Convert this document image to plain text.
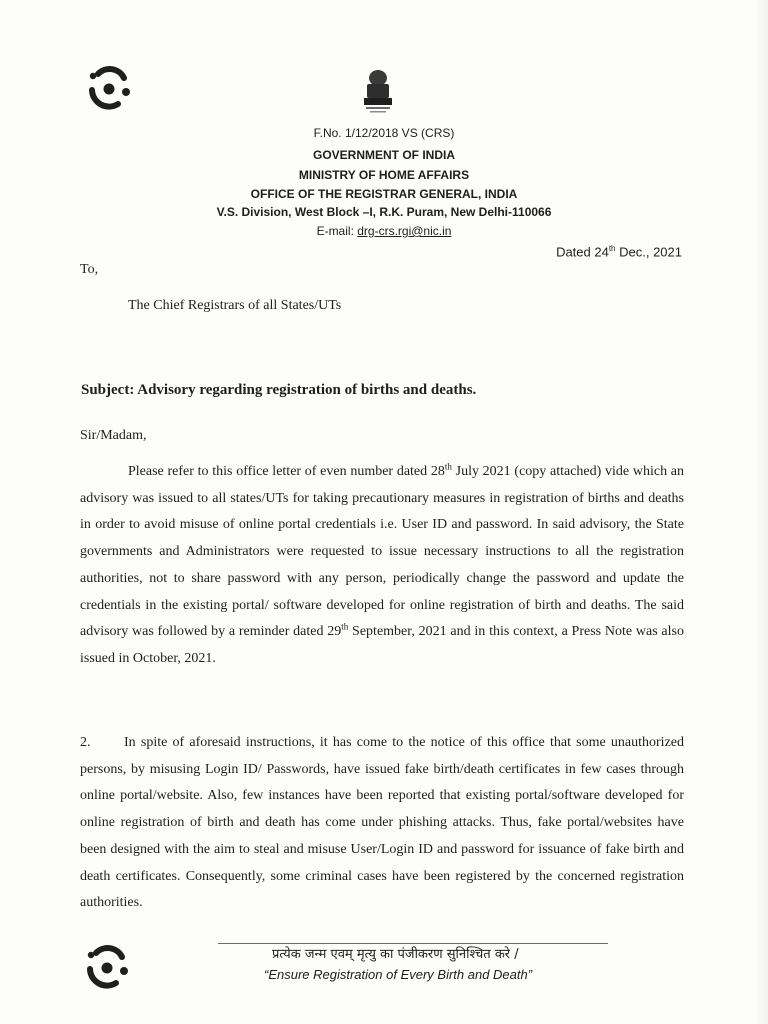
F.No. 1/12/2018 VS (CRS)
GOVERNMENT OF INDIA
MINISTRY OF HOME AFFAIRS
OFFICE OF THE REGISTRAR GENERAL, INDIA
V.S. Division, West Block –I, R.K. Puram, New Delhi-110066
E-mail: drg-crs.rgi@nic.in
Dated 24th Dec., 2021
To,
The Chief Registrars of all States/UTs
Subject: Advisory regarding registration of births and deaths.
Sir/Madam,

Please refer to this office letter of even number dated 28th July 2021 (copy attached) vide which an advisory was issued to all states/UTs for taking precautionary measures in registration of births and deaths in order to avoid misuse of online portal credentials i.e. User ID and password. In said advisory, the State governments and Administrators were requested to issue necessary instructions to all the registration authorities, not to share password with any person, periodically change the password and update the credentials in the existing portal/ software developed for online registration of birth and deaths. The said advisory was followed by a reminder dated 29th September, 2021 and in this context, a Press Note was also issued in October, 2021.

2. In spite of aforesaid instructions, it has come to the notice of this office that some unauthorized persons, by misusing Login ID/ Passwords, have issued fake birth/death certificates in few cases through online portal/website. Also, few instances have been reported that existing portal/software developed for online registration of birth and death has come under phishing attacks. Thus, fake portal/websites have been designed with the aim to steal and misuse User/Login ID and password for issuance of fake birth and death certificates. Consequently, some criminal cases have been registered by the concerned registration authorities.

प्रत्येक जन्म एवम् मृत्यु का पंजीकरण सुनिश्चित करे /
“Ensure Registration of Every Birth and Death”
